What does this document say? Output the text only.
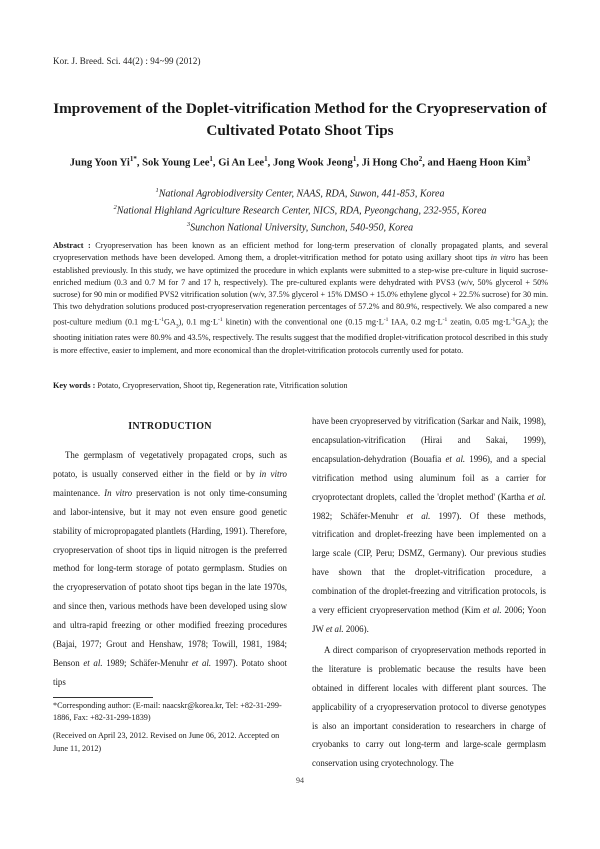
Kor. J. Breed. Sci. 44(2) : 94~99 (2012)
Improvement of the Doplet-vitrification Method for the Cryopreservation of
Cultivated Potato Shoot Tips
Jung Yoon $Yi^{1*}$, Sok Young Lee$^1$, Gi An Lee$^1$, Jong Wook Jeong$^1$, Ji Hong Cho$^2$, and Haeng Hoon Kim$^3$
$^1$National Agrobiodiversity Center, NAAS, RDA, Suwon, 441-853, Korea
$^2$National Highland Agriculture Research Center, NICS, RDA, Pyeongchang, 232-955, Korea
$^3$Sunchon National University, Sunchon, 540-950, Korea
Abstract : Cryopreservation has been known as an efficient method for long-term preservation of clonally propagated plants, and several cryopreservation methods have been developed. Among them, a droplet-vitrification method for potato using axillary shoot tips in vitro has been established previously. In this study, we have optimized the procedure in which explants were submitted to a step-wise pre-culture in liquid sucrose-enriched medium (0.3 and 0.7 M for 7 and 17 h, respectively). The pre-cultured explants were dehydrated with PVS3 (w/v, 50% glycerol + 50% sucrose) for 90 min or modified PVS2 vitrification solution (w/v, 37.5% glycerol + 15% DMSO + 15.0% ethylene glycol + 22.5% sucrose) for 30 min. This two dehydration solutions produced post-cryopreservation regeneration percentages of 57.2% and 80.9%, respectively. We also compared a new post-culture medium (0.1 $mg\cdot L^{-1}GA_3$), 0.1 $mg\cdot L^{-1}$ kinetin) with the conventional one (0.15 $mg\cdot L^{-1}$ IAA, 0.2 $mg\cdot L^{-1}$ zeatin, 0.05 $mg\cdot L^{-1}GA_3$); the shooting initiation rates were 80.9% and 43.5%, respectively. The results suggest that the modified droplet-vitrification protocol described in this study is more effective, easier to implement, and more economical than the droplet-vitrification protocols currently used for potato.
Key words : Potato, Cryopreservation, Shoot tip, Regeneration rate, Vitrification solution
INTRODUCTION

The germplasm of vegetatively propagated crops, such as potato, is usually conserved either in the field or by in vitro maintenance. In vitro preservation is not only time-consuming and labor-intensive, but it may not even ensure good genetic stability of micropropagated plantlets (Harding, 1991). Therefore, cryopreservation of shoot tips in liquid nitrogen is the preferred method for long-term storage of potato germplasm. Studies on the cryopreservation of potato shoot tips began in the late 1970s, and since then, various methods have been developed using slow and ultra-rapid freezing or other modified freezing procedures (Bajai, 1977; Grout and Henshaw, 1978; Towill, 1981, 1984; Benson et al. 1989; Schäfer-Menuhr et al. 1997). Potato shoot tips

have been cryopreserved by vitrification (Sarkar and Naik, 1998), encapsulation-vitrification (Hirai and Sakai, 1999), encapsulation-dehydration (Bouafia et al. 1996), and a special vitrification method using aluminum foil as a carrier for cryoprotectant droplets, called the 'droplet method' (Kartha et al. 1982; Schäfer-Menuhr et al. 1997). Of these methods, vitrification and droplet-freezing have been implemented on a large scale (CIP, Peru; DSMZ, Germany). Our previous studies have shown that the droplet-vitrification procedure, a combination of the droplet-freezing and vitrification protocols, is a very efficient cryopreservation method (Kim et al. 2006; Yoon JW et al. 2006).

A direct comparison of cryopreservation methods reported in the literature is problematic because the results have been obtained in different locales with different plant sources. The applicability of a cryopreservation protocol to diverse genotypes is also an important consideration to researchers in charge of cryobanks to carry out long-term and large-scale germplasm conservation using cryotechnology. The

*Corresponding author: (E-mail: naacskr@korea.kr, Tel: +82-31-299-1886, Fax: +82-31-299-1839)
(Received on April 23, 2012. Revised on June 06, 2012. Accepted on June 11, 2012)
94
